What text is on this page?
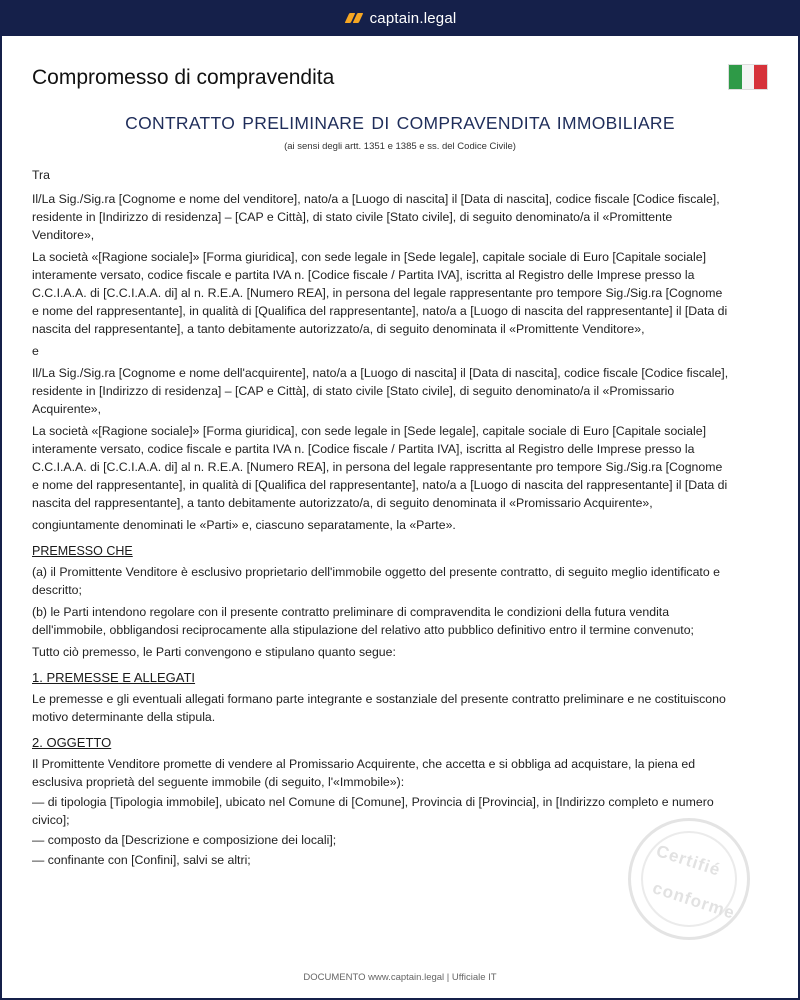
captain.legal
Compromesso di compravendita
CONTRATTO PRELIMINARE DI COMPRAVENDITA IMMOBILIARE
(ai sensi degli artt. 1351 e 1385 e ss. del Codice Civile)
Certifié
conforme

Tra

Il/La Sig./Sig.ra [Cognome e nome del venditore], nato/a a [Luogo di nascita] il [Data di nascita], codice fiscale [Codice fiscale], residente in [Indirizzo di residenza] – [CAP e Città], di stato civile [Stato civile], di seguito denominato/a il «Promittente Venditore»,

La società «[Ragione sociale]» [Forma giuridica], con sede legale in [Sede legale], capitale sociale di Euro [Capitale sociale] interamente versato, codice fiscale e partita IVA n. [Codice fiscale / Partita IVA], iscritta al Registro delle Imprese presso la C.C.I.A.A. di [C.C.I.A.A. di] al n. R.E.A. [Numero REA], in persona del legale rappresentante pro tempore Sig./Sig.ra [Cognome e nome del rappresentante], in qualità di [Qualifica del rappresentante], nato/a a [Luogo di nascita del rappresentante] il [Data di nascita del rappresentante], a tanto debitamente autorizzato/a, di seguito denominata il «Promittente Venditore»,

e

Il/La Sig./Sig.ra [Cognome e nome dell'acquirente], nato/a a [Luogo di nascita] il [Data di nascita], codice fiscale [Codice fiscale], residente in [Indirizzo di residenza] – [CAP e Città], di stato civile [Stato civile], di seguito denominato/a il «Promissario Acquirente»,

La società «[Ragione sociale]» [Forma giuridica], con sede legale in [Sede legale], capitale sociale di Euro [Capitale sociale] interamente versato, codice fiscale e partita IVA n. [Codice fiscale / Partita IVA], iscritta al Registro delle Imprese presso la C.C.I.A.A. di [C.C.I.A.A. di] al n. R.E.A. [Numero REA], in persona del legale rappresentante pro tempore Sig./Sig.ra [Cognome e nome del rappresentante], in qualità di [Qualifica del rappresentante], nato/a a [Luogo di nascita del rappresentante] il [Data di nascita del rappresentante], a tanto debitamente autorizzato/a, di seguito denominata il «Promissario Acquirente»,

congiuntamente denominati le «Parti» e, ciascuno separatamente, la «Parte».

PREMESSO CHE

(a) il Promittente Venditore è esclusivo proprietario dell'immobile oggetto del presente contratto, di seguito meglio identificato e descritto;

(b) le Parti intendono regolare con il presente contratto preliminare di compravendita le condizioni della futura vendita dell'immobile, obbligandosi reciprocamente alla stipulazione del relativo atto pubblico definitivo entro il termine convenuto;

Tutto ciò premesso, le Parti convengono e stipulano quanto segue:

1. PREMESSE E ALLEGATI

Le premesse e gli eventuali allegati formano parte integrante e sostanziale del presente contratto preliminare e ne costituiscono motivo determinante della stipula.

2. OGGETTO

Il Promittente Venditore promette di vendere al Promissario Acquirente, che accetta e si obbliga ad acquistare, la piena ed esclusiva proprietà del seguente immobile (di seguito, l'«Immobile»):

— di tipologia [Tipologia immobile], ubicato nel Comune di [Comune], Provincia di [Provincia], in [Indirizzo completo e numero civico];

— composto da [Descrizione e composizione dei locali];

— confinante con [Confini], salvi se altri;

DOCUMENTO www.captain.legal | Ufficiale IT
